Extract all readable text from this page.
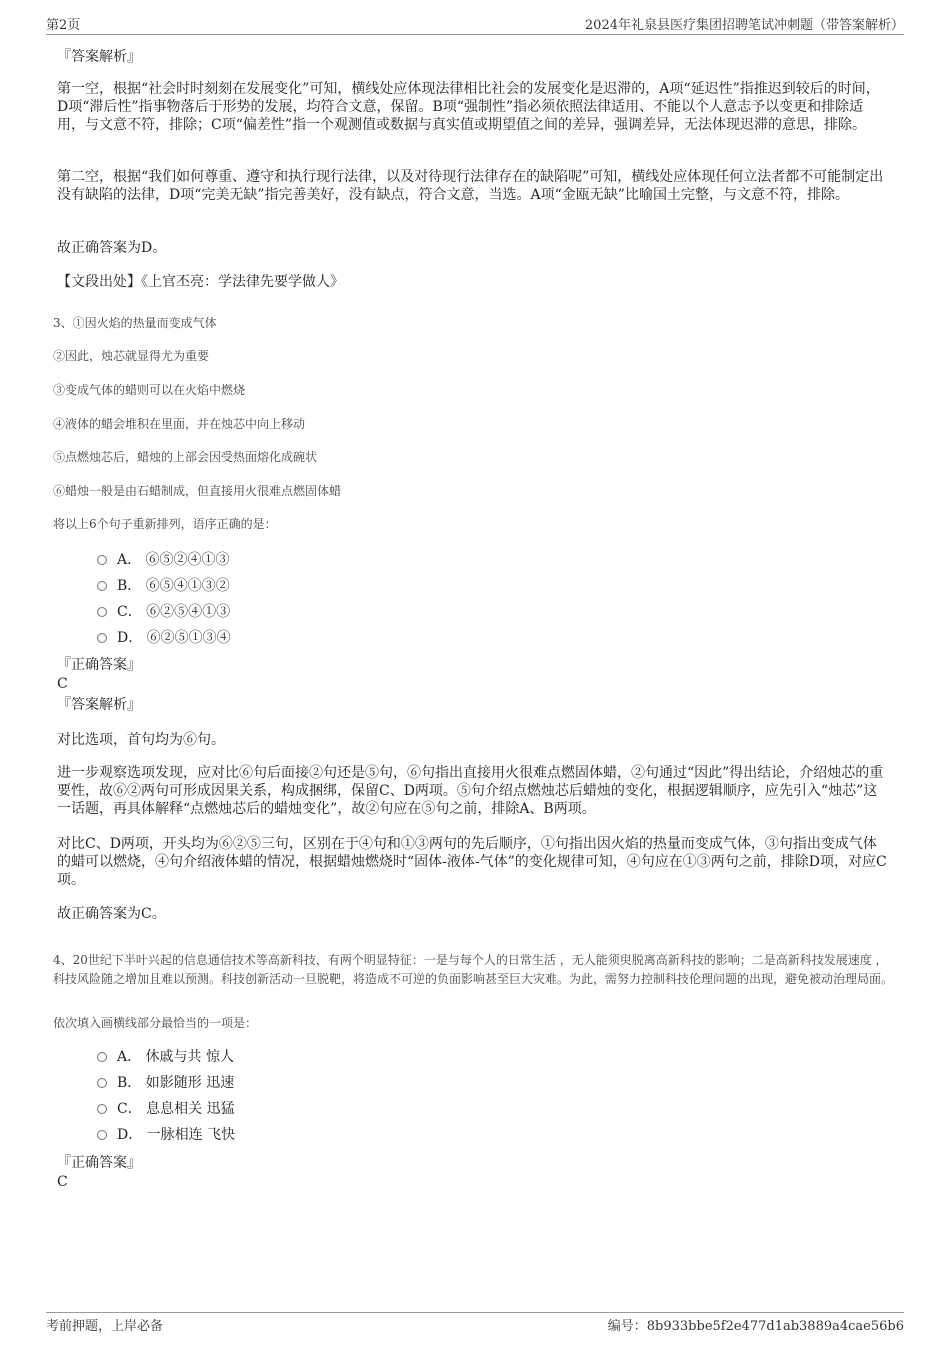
第2页	2024年礼泉县医疗集团招聘笔试冲刺题（带答案解析）
『答案解析』

第一空，根据“社会时时刻刻在发展变化”可知，横线处应体现法律相比社会的发展变化是迟滞的，A项“延迟性”指推迟到较后的时间，D项“滞后性”指事物落后于形势的发展，均符合文意，保留。B项“强制性”指必须依照法律适用、不能以个人意志予以变更和排除适用，与文意不符，排除；C项“偏差性”指一个观测值或数据与真实值或期望值之间的差异，强调差异，无法体现迟滞的意思，排除。

第二空，根据“我们如何尊重、遵守和执行现行法律，以及对待现行法律存在的缺陷呢”可知，横线处应体现任何立法者都不可能制定出没有缺陷的法律，D项“完美无缺”指完善美好，没有缺点，符合文意，当选。A项“金瓯无缺”比喻国土完整，与文意不符，排除。

故正确答案为D。

【文段出处】《上官丕亮：学法律先要学做人》

3、①因火焰的热量而变成气体
②因此，烛芯就显得尤为重要
③变成气体的蜡则可以在火焰中燃烧
④液体的蜡会堆积在里面，并在烛芯中向上移动
⑤点燃烛芯后，蜡烛的上部会因受热面熔化成碗状
⑥蜡烛一般是由石蜡制成，但直接用火很难点燃固体蜡
将以上6个句子重新排列，语序正确的是：
A． ⑥⑤②④①③
B． ⑥⑤④①③②
C． ⑥②⑤④①③
D． ⑥②⑤①③④
『正确答案』
C
『答案解析』

对比选项，首句均为⑥句。

进一步观察选项发现，应对比⑥句后面接②句还是⑤句，⑥句指出直接用火很难点燃固体蜡，②句通过“因此”得出结论，介绍烛芯的重要性，故⑥②两句可形成因果关系，构成捆绑，保留C、D两项。⑤句介绍点燃烛芯后蜡烛的变化，根据逻辑顺序，应先引入“烛芯”这一话题，再具体解释“点燃烛芯后的蜡烛变化”，故②句应在⑤句之前，排除A、B两项。

对比C、D两项，开头均为⑥②⑤三句，区别在于④句和①③两句的先后顺序，①句指出因火焰的热量而变成气体，③句指出变成气体的蜡可以燃烧，④句介绍液体蜡的情况，根据蜡烛燃烧时“固体-液体-气体”的变化规律可知，④句应在①③两句之前，排除D项，对应C项。

故正确答案为C。

4、20世纪下半叶兴起的信息通信技术等高新科技，有两个明显特征：一是与每个人的日常生活 ，无人能须臾脱离高新科技的影响；二是高新科技发展速度 ，科技风险随之增加且难以预测。科技创新活动一旦脱靶，将造成不可逆的负面影响甚至巨大灾难。为此，需努力控制科技伦理问题的出现，避免被动治理局面。

依次填入画横线部分最恰当的一项是：
A． 休戚与共 惊人
B． 如影随形 迅速
C． 息息相关 迅猛
D． 一脉相连 飞快
『正确答案』
C
考前押题，上岸必备	编号：8b933bbe5f2e477d1ab3889a4cae56b6
